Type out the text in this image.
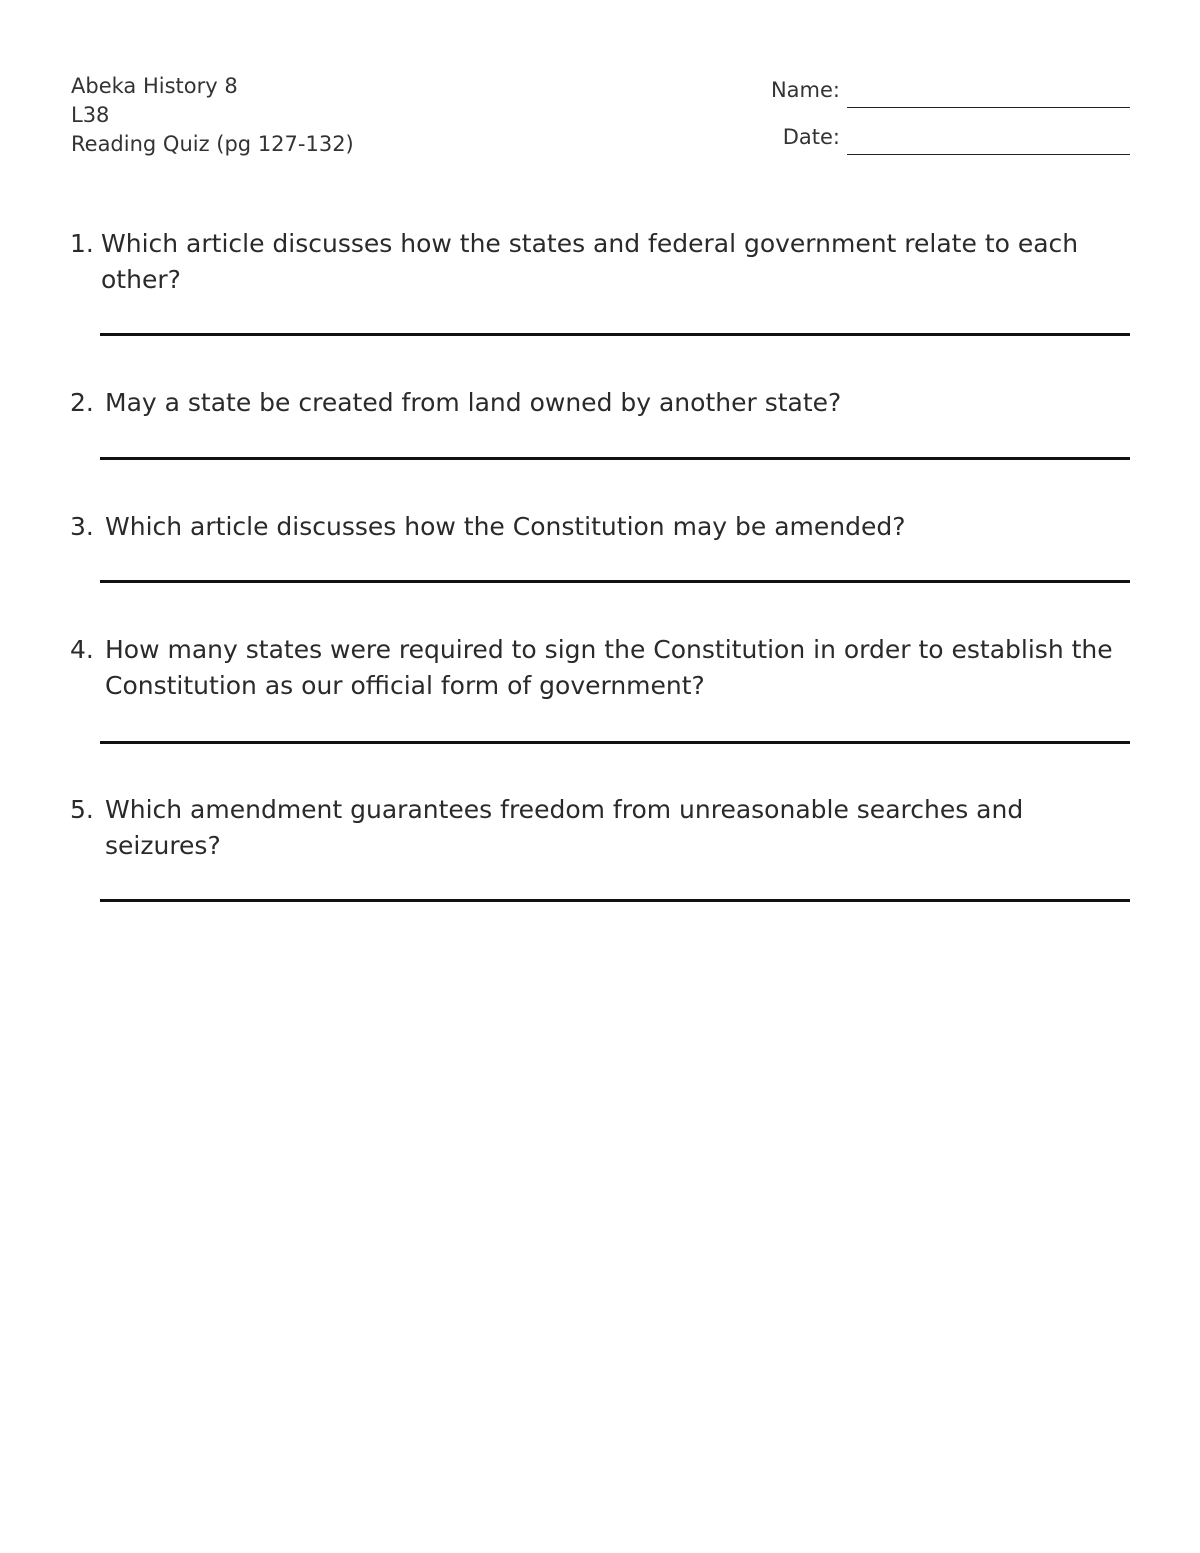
Abeka History 8
L38
Reading Quiz (pg 127-132)
Name:
Date:
1. Which article discusses how the states and federal government relate to each other?
2. May a state be created from land owned by another state?
3. Which article discusses how the Constitution may be amended?
4. How many states were required to sign the Constitution in order to establish the Constitution as our official form of government?
5. Which amendment guarantees freedom from unreasonable searches and seizures?
